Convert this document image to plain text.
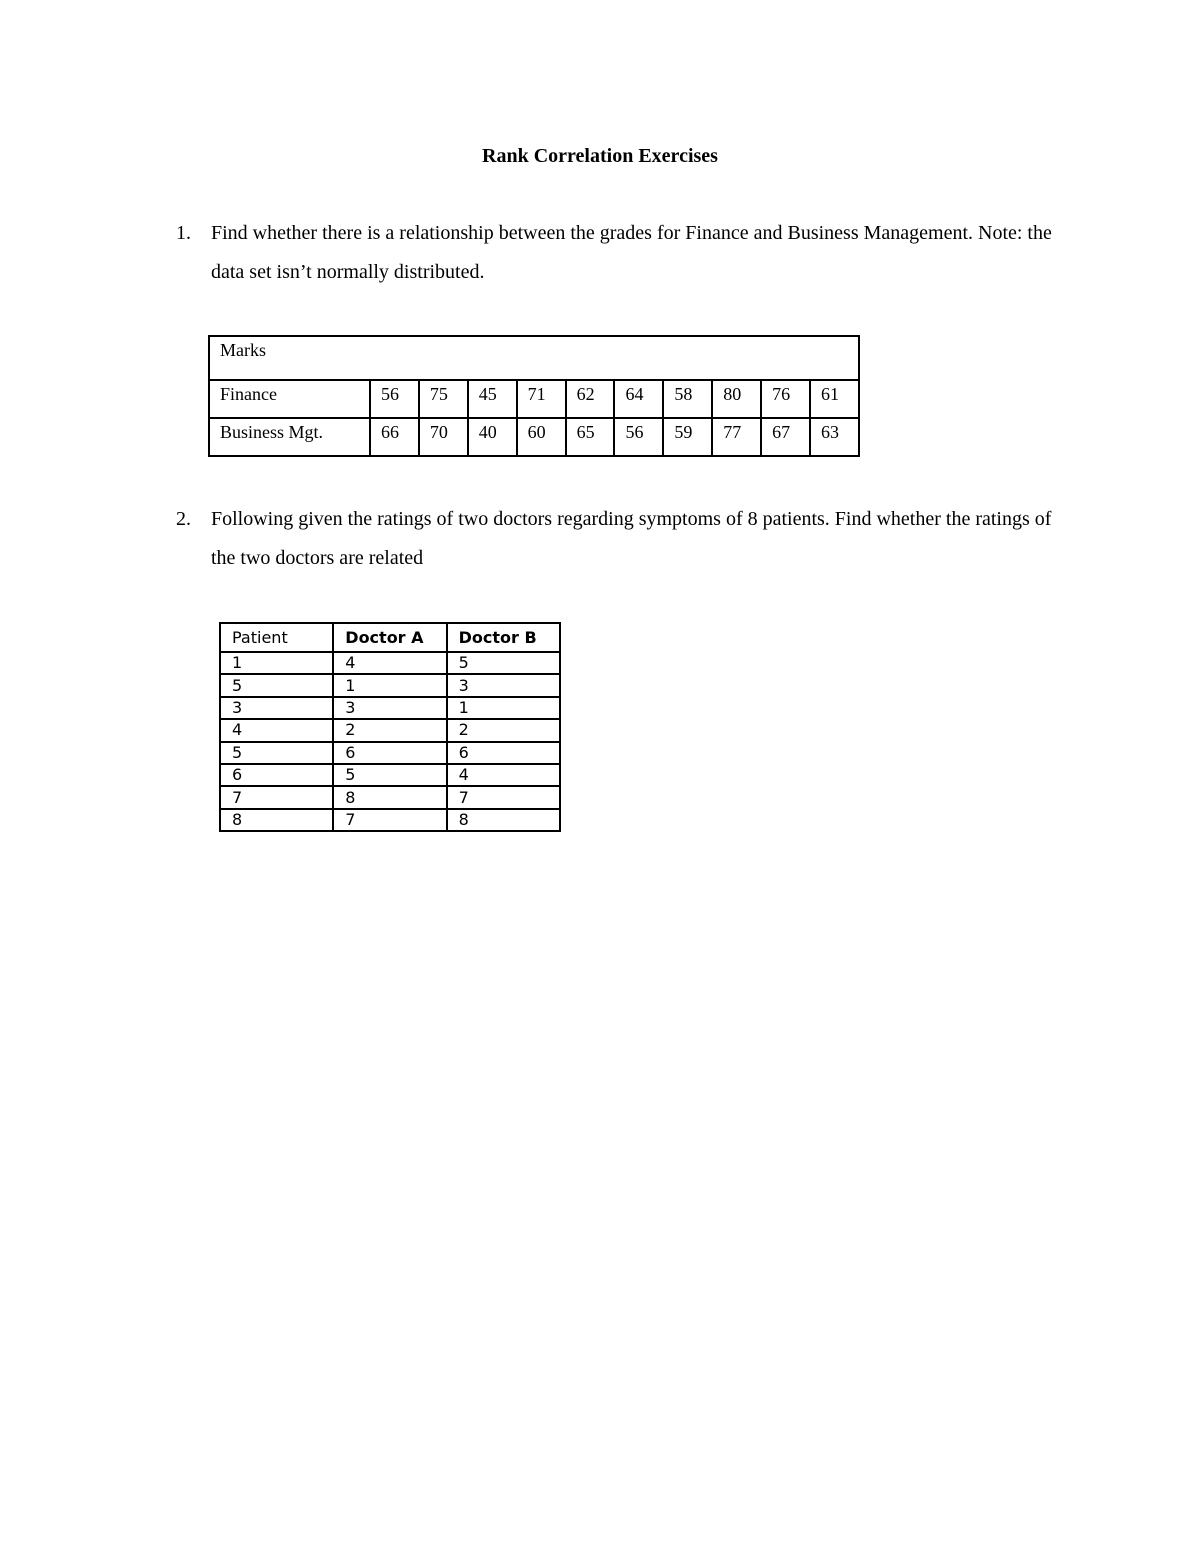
Rank Correlation Exercises
1. Find whether there is a relationship between the grades for Finance and Business Management. Note: the data set isn’t normally distributed.
Marks										
Finance	56	75	45	71	62	64	58	80	76	61
Business Mgt.	66	70	40	60	65	56	59	77	67	63
2. Following given the ratings of two doctors regarding symptoms of 8 patients. Find whether the ratings of the two doctors are related
Patient	Doctor A	Doctor B
1	4	5
5	1	3
3	3	1
4	2	2
5	6	6
6	5	4
7	8	7
8	7	8
